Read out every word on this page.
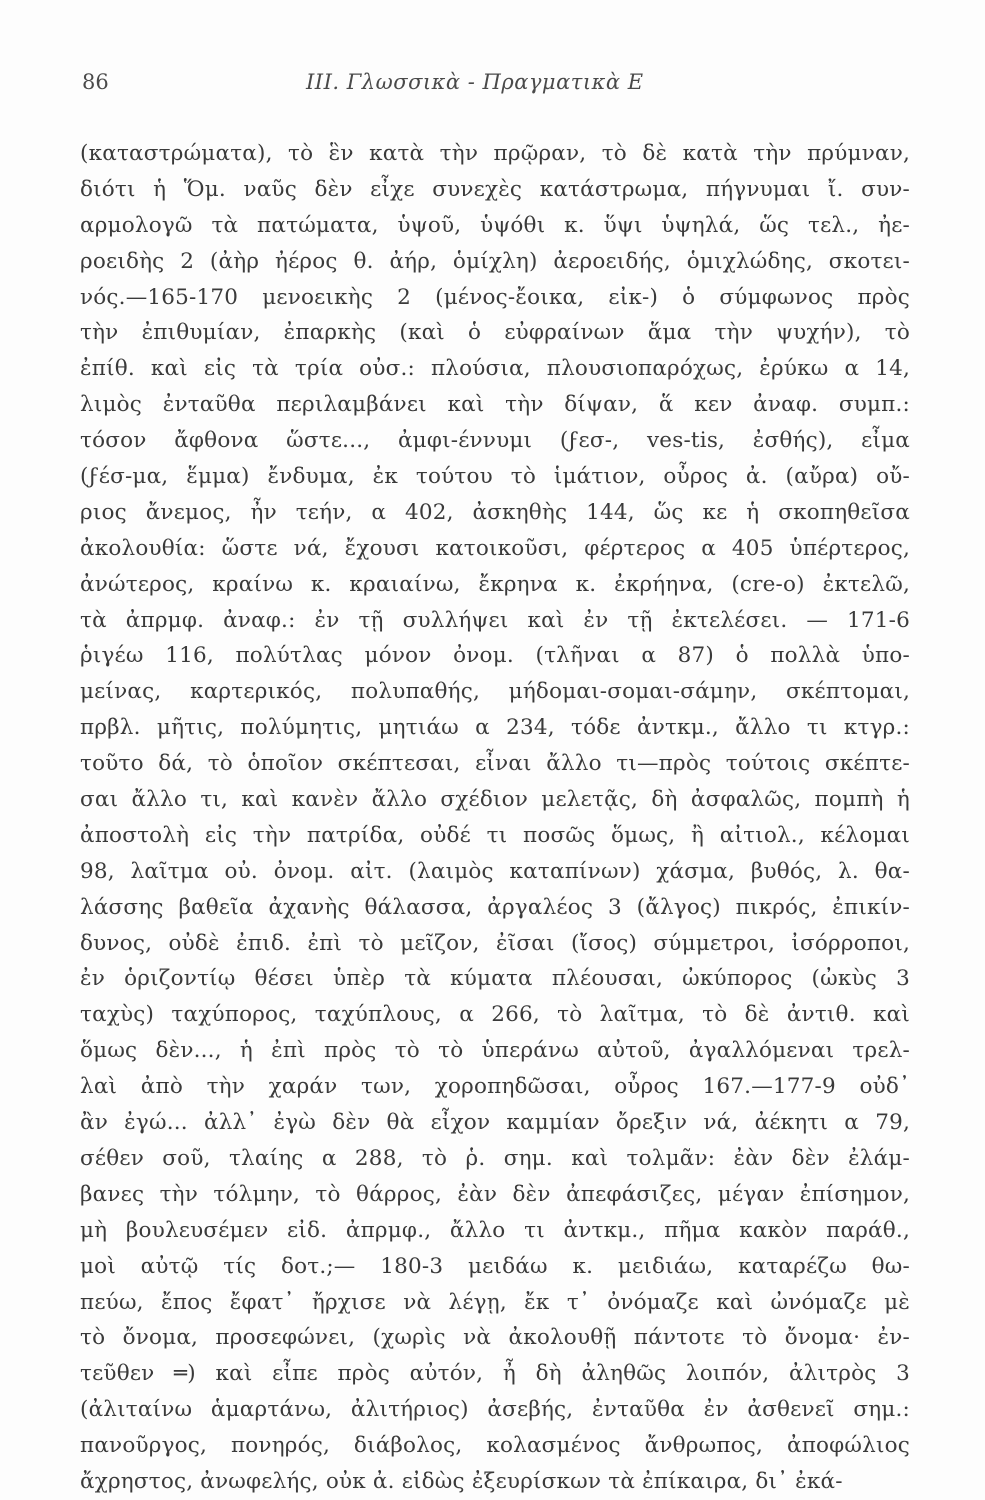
86	III. Γλωσσικὰ - Πραγματικὰ Ε
(καταστρώματα), τὸ ἓν κατὰ τὴν πρῷραν, τὸ δὲ κατὰ τὴν πρύμναν,
διότι ἡ Ὅμ. ναῦς δὲν εἶχε συνεχὲς κατάστρωμα, πήγνυμαι ἴ. συν-
αρμολογῶ τὰ πατώματα, ὑψοῦ, ὑψόθι κ. ὕψι ὑψηλά, ὥς τελ., ἠε-
ροειδὴς 2 (ἀὴρ ἠέρος θ. ἀήρ, ὁμίχλη) ἀεροειδής, ὁμιχλώδης, σκοτει-
νός.—165-170 μενοεικὴς 2 (μένος-ἔοικα, εἰκ-) ὁ σύμφωνος πρὸς
τὴν ἐπιθυμίαν, ἐπαρκὴς (καὶ ὁ εὐφραίνων ἅμα τὴν ψυχήν), τὸ
ἐπίθ. καὶ εἰς τὰ τρία οὐσ.: πλούσια, πλουσιοπαρόχως, ἐρύκω α 14,
λιμὸς ἐνταῦθα περιλαμβάνει καὶ τὴν δίψαν, ἅ κεν ἀναφ. συμπ.:
τόσον ἄφθονα ὥστε..., ἀμφι-έννυμι (ϝεσ-, ves-tis, ἐσθής), εἶμα
(ϝέσ-μα, ἕμμα) ἔνδυμα, ἐκ τούτου τὸ ἱμάτιον, οὖρος ἀ. (αὔρα) οὔ-
ριος ἄνεμος, ἦν τεήν, α 402, ἀσκηθὴς 144, ὥς κε ἡ σκοπηθεῖσα
ἀκολουθία: ὥστε νά, ἔχουσι κατοικοῦσι, φέρτερος α 405 ὑπέρτερος,
ἀνώτερος, κραίνω κ. κραιαίνω, ἔκρηνα κ. ἐκρήηνα, (cre-o) ἐκτελῶ,
τὰ ἀπρμφ. ἀναφ.: ἐν τῇ συλλήψει καὶ ἐν τῇ ἐκτελέσει. — 171-6
ῥιγέω 116, πολύτλας μόνον ὀνομ. (τλῆναι α 87) ὁ πολλὰ ὑπο-
μείνας, καρτερικός, πολυπαθής, μήδομαι-σομαι-σάμην, σκέπτομαι,
πρβλ. μῆτις, πολύμητις, μητιάω α 234, τόδε ἀντκμ., ἄλλο τι κτγρ.:
τοῦτο δά, τὸ ὁποῖον σκέπτεσαι, εἶναι ἄλλο τι—πρὸς τούτοις σκέπτε-
σαι ἄλλο τι, καὶ κανὲν ἄλλο σχέδιον μελετᾷς, δὴ ἀσφαλῶς, πομπὴ ἡ
ἀποστολὴ εἰς τὴν πατρίδα, οὐδέ τι ποσῶς ὅμως, ἢ αἰτιολ., κέλομαι
98, λαῖτμα οὐ. ὀνομ. αἰτ. (λαιμὸς καταπίνων) χάσμα, βυθός, λ. θα-
λάσσης βαθεῖα ἀχανὴς θάλασσα, ἀργαλέος 3 (ἄλγος) πικρός, ἐπικίν-
δυνος, οὐδὲ ἐπιδ. ἐπὶ τὸ μεῖζον, ἐῖσαι (ἴσος) σύμμετροι, ἰσόρροποι,
ἐν ὁριζοντίῳ θέσει ὑπὲρ τὰ κύματα πλέουσαι, ὠκύπορος (ὠκὺς 3
ταχὺς) ταχύπορος, ταχύπλους, α 266, τὸ λαῖτμα, τὸ δὲ ἀντιθ. καὶ
ὅμως δὲν..., ἡ ἐπὶ πρὸς τὸ τὸ ὑπεράνω αὐτοῦ, ἀγαλλόμεναι τρελ-
λαὶ ἀπὸ τὴν χαράν των, χοροπηδῶσαι, οὖρος 167.—177-9 οὐδ᾽
ἂν ἐγώ... ἀλλ᾽ ἐγὼ δὲν θὰ εἶχον καμμίαν ὄρεξιν νά, ἀέκητι α 79,
σέθεν σοῦ, τλαίης α 288, τὸ ῥ. σημ. καὶ τολμᾶν: ἐὰν δὲν ἐλάμ-
βανες τὴν τόλμην, τὸ θάρρος, ἐὰν δὲν ἀπεφάσιζες, μέγαν ἐπίσημον,
μὴ βουλευσέμεν εἰδ. ἀπρμφ., ἄλλο τι ἀντκμ., πῆμα κακὸν παράθ.,
μοὶ αὐτῷ τίς δοτ.;— 180-3 μειδάω κ. μειδιάω, καταρέζω θω-
πεύω, ἔπος ἔφατ᾽ ἤρχισε νὰ λέγῃ, ἔκ τ᾽ ὀνόμαζε καὶ ὠνόμαζε μὲ
τὸ ὄνομα, προσεφώνει, (χωρὶς νὰ ἀκολουθῇ πάντοτε τὸ ὄνομα· ἐν-
τεῦθεν ═) καὶ εἶπε πρὸς αὐτόν, ἦ δὴ ἀληθῶς λοιπόν, ἀλιτρὸς 3
(ἀλιταίνω ἁμαρτάνω, ἀλιτήριος) ἀσεβής, ἐνταῦθα ἐν ἀσθενεῖ σημ.:
πανοῦργος, πονηρός, διάβολος, κολασμένος ἄνθρωπος, ἀποφώλιος
ἄχρηστος, ἀνωφελής, οὐκ ἀ. εἰδὼς ἐξευρίσκων τὰ ἐπίκαιρα, δι᾽ ἐκά-
